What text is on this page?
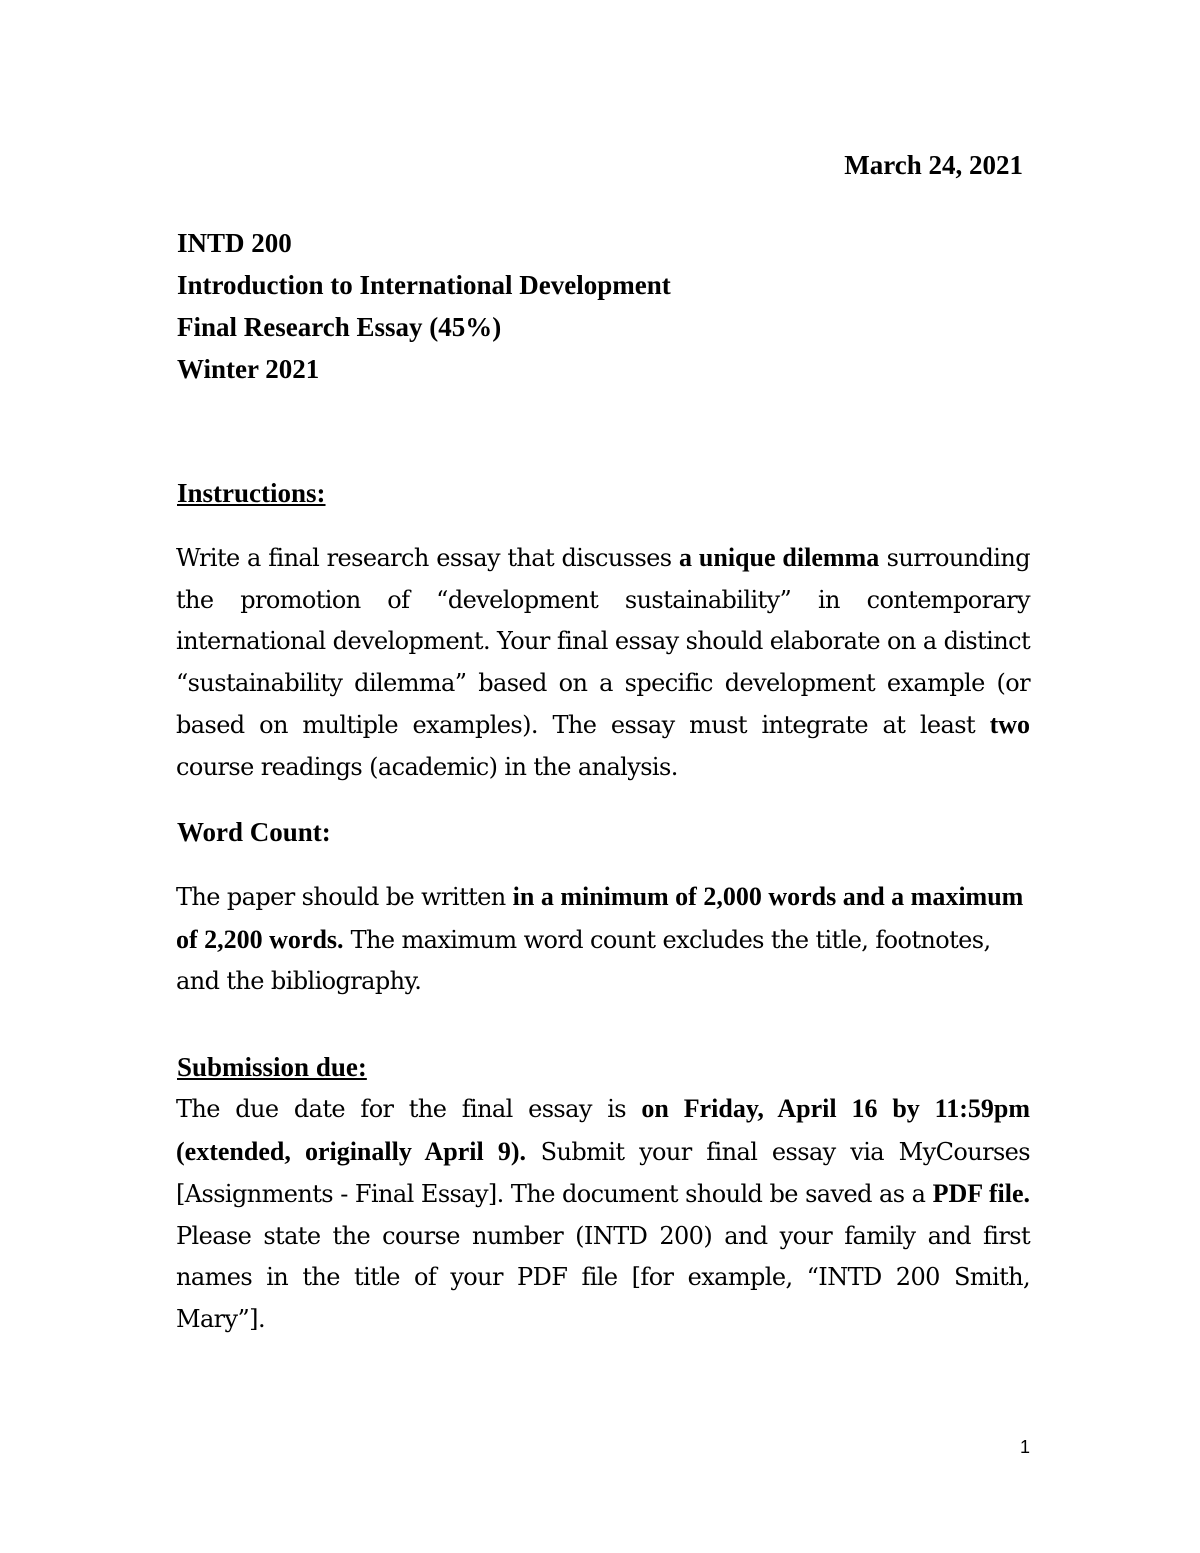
March 24, 2021
INTD 200
Introduction to International Development
Final Research Essay (45%)
Winter 2021
Instructions:
Write a final research essay that discusses a unique dilemma surrounding the promotion of “development sustainability” in contemporary international development. Your final essay should elaborate on a distinct “sustainability dilemma” based on a specific development example (or based on multiple examples). The essay must integrate at least two course readings (academic) in the analysis.
Word Count:
The paper should be written in a minimum of 2,000 words and a maximum of 2,200 words. The maximum word count excludes the title, footnotes, and the bibliography.
Submission due:
The due date for the final essay is on Friday, April 16 by 11:59pm (extended, originally April 9). Submit your final essay via MyCourses [Assignments - Final Essay]. The document should be saved as a PDF file. Please state the course number (INTD 200) and your family and first names in the title of your PDF file [for example, “INTD 200 Smith, Mary”].
1
